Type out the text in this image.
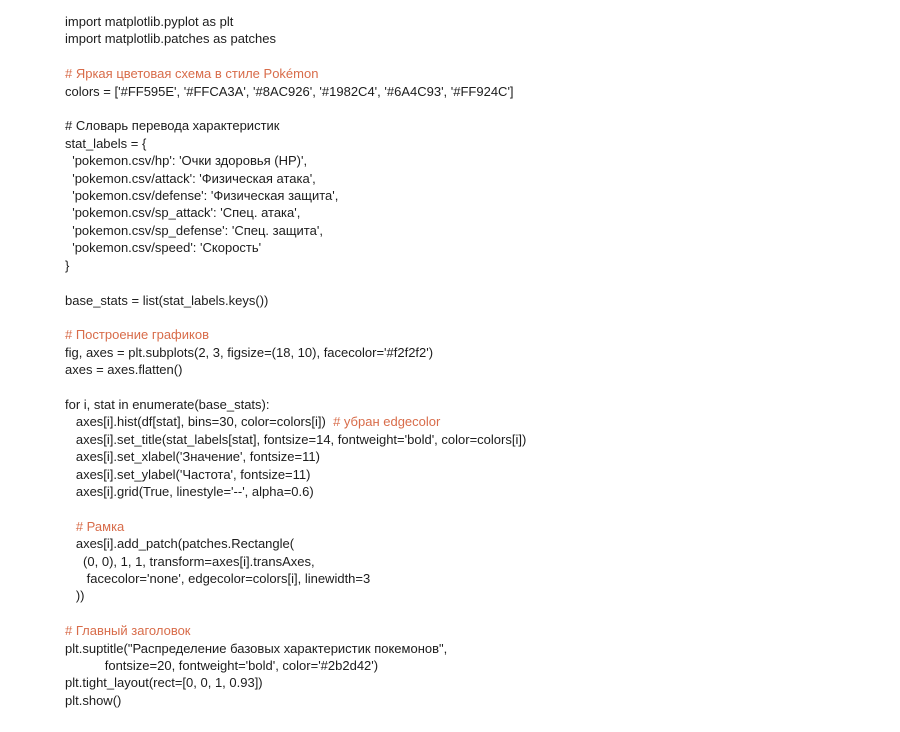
import matplotlib.pyplot as plt
import matplotlib.patches as patches

# Яркая цветовая схема в стиле Pokémon
colors = ['#FF595E', '#FFCA3A', '#8AC926', '#1982C4', '#6A4C93', '#FF924C']

# Словарь перевода характеристик
stat_labels = {
'pokemon.csv/hp': 'Очки здоровья (HP)',
'pokemon.csv/attack': 'Физическая атака',
'pokemon.csv/defense': 'Физическая защита',
'pokemon.csv/sp_attack': 'Спец. атака',
'pokemon.csv/sp_defense': 'Спец. защита',
'pokemon.csv/speed': 'Скорость'
}

base_stats = list(stat_labels.keys())

# Построение графиков
fig, axes = plt.subplots(2, 3, figsize=(18, 10), facecolor='#f2f2f2')
axes = axes.flatten()

for i, stat in enumerate(base_stats):
axes[i].hist(df[stat], bins=30, color=colors[i])  # убран edgecolor
axes[i].set_title(stat_labels[stat], fontsize=14, fontweight='bold', color=colors[i])
axes[i].set_xlabel('Значение', fontsize=11)
axes[i].set_ylabel('Частота', fontsize=11)
axes[i].grid(True, linestyle='--', alpha=0.6)

# Рамка
axes[i].add_patch(patches.Rectangle(
(0, 0), 1, 1, transform=axes[i].transAxes,
facecolor='none', edgecolor=colors[i], linewidth=3
))

# Главный заголовок
plt.suptitle("Распределение базовых характеристик покемонов",
fontsize=20, fontweight='bold', color='#2b2d42')
plt.tight_layout(rect=[0, 0, 1, 0.93])
plt.show()
